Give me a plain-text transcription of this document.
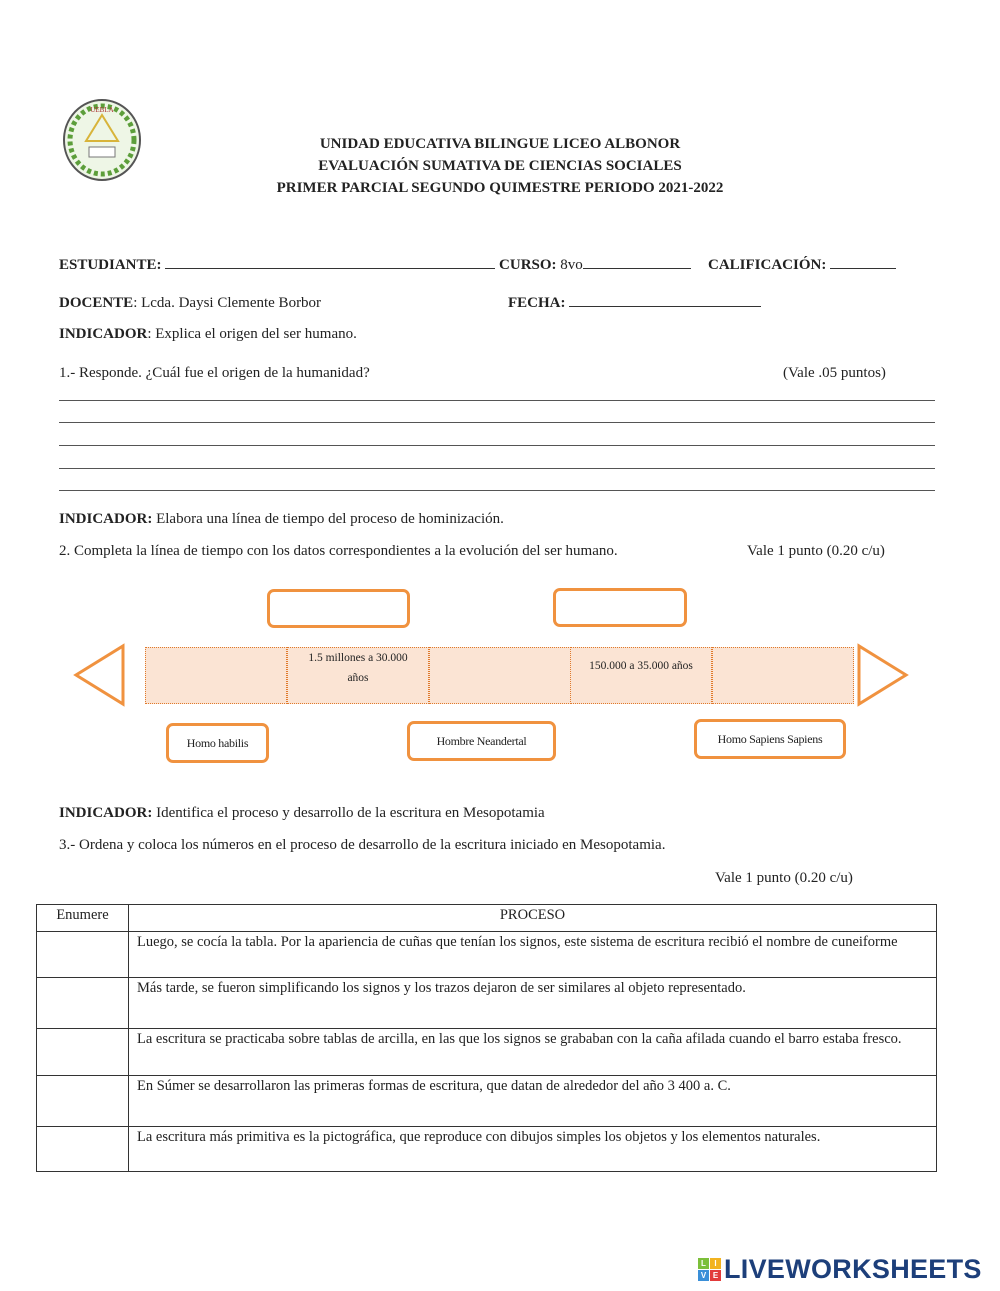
UEBLA
UNIDAD EDUCATIVA BILINGUE LICEO ALBONOR
EVALUACIÓN SUMATIVA DE CIENCIAS SOCIALES
PRIMER PARCIAL SEGUNDO QUIMESTRE PERIODO 2021-2022
ESTUDIANTE:	CURSO: 8vo	CALIFICACIÓN:
DOCENTE: Lcda. Daysi Clemente Borbor	FECHA:
INDICADOR: Explica el origen del ser humano.
1.- Responde. ¿Cuál fue el origen de la humanidad?	(Vale .05 puntos)
INDICADOR: Elabora una línea de tiempo del proceso de hominización.
2. Completa la línea de tiempo con los datos correspondientes a la evolución del ser humano.	Vale 1 punto (0.20 c/u)
1.5 millones a 30.000 años
150.000 a 35.000 años
Homo habilis	Hombre Neandertal	Homo Sapiens Sapiens
INDICADOR: Identifica el proceso y desarrollo de la escritura en Mesopotamia
3.- Ordena y coloca los números en el proceso de desarrollo de la escritura iniciado en Mesopotamia.
Vale 1 punto (0.20 c/u)
Enumere	PROCESO
	Luego, se cocía la tabla. Por la apariencia de cuñas que tenían los signos, este sistema de escritura recibió el nombre de cuneiforme
	Más tarde, se fueron simplificando los signos y los trazos dejaron de ser similares al objeto representado.
	La escritura se practicaba sobre tablas de arcilla, en las que los signos se grababan con la caña afilada cuando el barro estaba fresco.
	En Súmer se desarrollaron las primeras formas de escritura, que datan de alrededor del año 3 400 a. C.
	La escritura más primitiva es la pictográfica, que reproduce con dibujos simples los objetos y los elementos naturales.
L	I
V E LIVEWORKSHEETS
